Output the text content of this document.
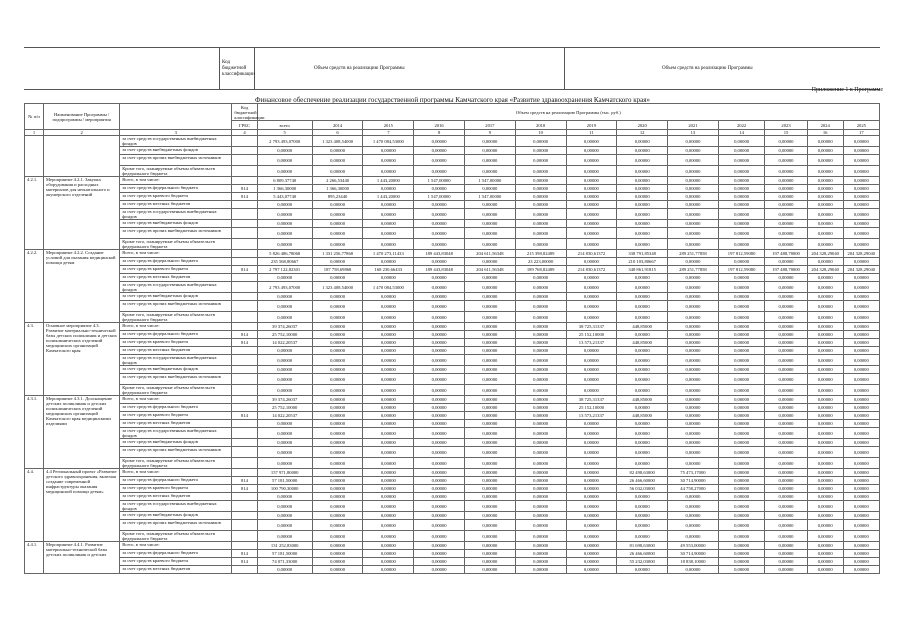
Код бюджетной классификации
Объем средств на реализацию Программы	Объем средств на реализацию Программы
Приложение 1 к Программе
Финансовое обеспечение реализации государственной программы Камчатского края «Развитие здравоохранения Камчатского края»
№ п/п	Наименование Программы / подпрограммы / мероприятия		Код бюджетной классификации	Объем средств на реализацию Программы (тыс. руб.)												
			ГРБС	всего	2014	2015	2016	2017	2018	2019	2020	2021	2022	2023	2024	2025
1	2	3	4	5	6	7	8	9	10	11	12	13	14	15	16	17
		за счет средств государственных внебюджетных фондов		2 793 493,07000	1 323 408,54000	1 470 084,53000	0,00000	0,00000	0,00000	0,00000	0,00000	0,00000	0,00000	0,00000	0,00000	0,00000
		за счет средств внебюджетных фондов		0,00000	0,00000	0,00000	0,00000	0,00000	0,00000	0,00000	0,00000	0,00000	0,00000	0,00000	0,00000	0,00000
		за счет средств прочих внебюджетных источников		0,00000	0,00000	0,00000	0,00000	0,00000	0,00000	0,00000	0,00000	0,00000	0,00000	0,00000	0,00000	0,00000
		Кроме того, планируемые объемы обязательств федерального бюджета		0,00000	0,00000	0,00000	0,00000	0,00000	0,00000	0,00000	0,00000	0,00000	0,00000	0,00000	0,00000	0,00000
4.2.1.	Мероприятие 4.2.1. Закупка оборудования и расходных материалов для неонатального и акушерского отделений	Всего, в том числе:		6 809,37740	2 266,53440	1 443,20000	1 547,00000	1 547,00000	0,00000	0,00000	0,00000	0,00000	0,00000	0,00000	0,00000	0,00000
		за счет средств федерального бюджета	814	1 366,30000	1 366,30000	0,00000	0,00000	0,00000	0,00000	0,00000	0,00000	0,00000	0,00000	0,00000	0,00000	0,00000
		за счет средств краевого бюджета	814	5 443,07740	895,23440	1 443,20000	1 547,00000	1 547,00000	0,00000	0,00000	0,00000	0,00000	0,00000	0,00000	0,00000	0,00000
		за счет средств местных бюджетов		0,00000	0,00000	0,00000	0,00000	0,00000	0,00000	0,00000	0,00000	0,00000	0,00000	0,00000	0,00000	0,00000
		за счет средств государственных внебюджетных фондов		0,00000	0,00000	0,00000	0,00000	0,00000	0,00000	0,00000	0,00000	0,00000	0,00000	0,00000	0,00000	0,00000
		за счет средств внебюджетных фондов		0,00000	0,00000	0,00000	0,00000	0,00000	0,00000	0,00000	0,00000	0,00000	0,00000	0,00000	0,00000	0,00000
		за счет средств прочих внебюджетных источников		0,00000	0,00000	0,00000	0,00000	0,00000	0,00000	0,00000	0,00000	0,00000	0,00000	0,00000	0,00000	0,00000
		Кроме того, планируемые объемы обязательств федерального бюджета		0,00000	0,00000	0,00000	0,00000	0,00000	0,00000	0,00000	0,00000	0,00000	0,00000	0,00000	0,00000	0,00000
4.2.2.	Мероприятие 4.2.2. Создание условий для оказания медицинской помощи детям	Всего, в том числе:		5 826 486,78068	1 331 256,77868	1 470 273,11433	189 443,83048	204 611,56348	215 398,82489	214 830,61372	338 791,85348	289 251,77858	197 812,59080	197 488,78000	204 328,29040	204 328,29040
		за счет средств федерального бюджета		235 568,80667	0,00000	0,00000	0,00000	0,00000	23 223,00000	0,00000	210 103,80667	0,00000	0,00000	0,00000	0,00000	0,00000
		за счет средств краевого бюджета	814	2 797 122,82301	187 758,69868	168 230,66433	189 443,83048	204 611,56348	189 768,82489	214 830,61372	348 861,91815	289 251,77858	197 812,59080	197 488,78000	204 328,29040	204 328,29040
		за счет средств местных бюджетов		0,00000	0,00000	0,00000	0,00000	0,00000	0,00000	0,00000	0,00000	0,00000	0,00000	0,00000	0,00000	0,00000
		за счет средств государственных внебюджетных фондов		2 793 493,07000	1 323 408,54000	1 470 084,53000	0,00000	0,00000	0,00000	0,00000	0,00000	0,00000	0,00000	0,00000	0,00000	0,00000
		за счет средств внебюджетных фондов		0,00000	0,00000	0,00000	0,00000	0,00000	0,00000	0,00000	0,00000	0,00000	0,00000	0,00000	0,00000	0,00000
		за счет средств прочих внебюджетных источников		0,00000	0,00000	0,00000	0,00000	0,00000	0,00000	0,00000	0,00000	0,00000	0,00000	0,00000	0,00000	0,00000
		Кроме того, планируемые объемы обязательств федерального бюджета		0,00000	0,00000	0,00000	0,00000	0,00000	0,00000	0,00000	0,00000	0,00000	0,00000	0,00000	0,00000	0,00000
4.3.	Основное мероприятие 4.3. Развитие материально-технической базы детских поликлиник и детских поликлинических отделений медицинских организаций Камчатского края	Всего, в том числе:		39 374,26037	0,00000	0,00000	0,00000	0,00000	0,00000	38 725,31337	448,85000	0,00000	0,00000	0,00000	0,00000	0,00000
		за счет средств федерального бюджета	814	25 752,10000	0,00000	0,00000	0,00000	0,00000	0,00000	25 152,10000	0,00000	0,00000	0,00000	0,00000	0,00000	0,00000
		за счет средств краевого бюджета	814	14 022,20537	0,00000	0,00000	0,00000	0,00000	0,00000	13 573,21337	448,85000	0,00000	0,00000	0,00000	0,00000	0,00000
		за счет средств местных бюджетов		0,00000	0,00000	0,00000	0,00000	0,00000	0,00000	0,00000	0,00000	0,00000	0,00000	0,00000	0,00000	0,00000
		за счет средств государственных внебюджетных фондов		0,00000	0,00000	0,00000	0,00000	0,00000	0,00000	0,00000	0,00000	0,00000	0,00000	0,00000	0,00000	0,00000
		за счет средств внебюджетных фондов		0,00000	0,00000	0,00000	0,00000	0,00000	0,00000	0,00000	0,00000	0,00000	0,00000	0,00000	0,00000	0,00000
		за счет средств прочих внебюджетных источников		0,00000	0,00000	0,00000	0,00000	0,00000	0,00000	0,00000	0,00000	0,00000	0,00000	0,00000	0,00000	0,00000
		Кроме того, планируемые объемы обязательств федерального бюджета		0,00000	0,00000	0,00000	0,00000	0,00000	0,00000	0,00000	0,00000	0,00000	0,00000	0,00000	0,00000	0,00000
4.3.1.	Мероприятие 4.3.1. Дооснащение детских поликлиник и детских поликлинических отделений медицинских организаций Камчатского края медицинскими изделиями	Всего, в том числе:		39 374,26037	0,00000	0,00000	0,00000	0,00000	0,00000	38 725,31337	448,85000	0,00000	0,00000	0,00000	0,00000	0,00000
		за счет средств федерального бюджета		25 752,10000	0,00000	0,00000	0,00000	0,00000	0,00000	25 152,10000	0,00000	0,00000	0,00000	0,00000	0,00000	0,00000
		за счет средств краевого бюджета	814	14 022,20537	0,00000	0,00000	0,00000	0,00000	0,00000	13 573,21337	448,85000	0,00000	0,00000	0,00000	0,00000	0,00000
		за счет средств местных бюджетов		0,00000	0,00000	0,00000	0,00000	0,00000	0,00000	0,00000	0,00000	0,00000	0,00000	0,00000	0,00000	0,00000
		за счет средств государственных внебюджетных фондов		0,00000	0,00000	0,00000	0,00000	0,00000	0,00000	0,00000	0,00000	0,00000	0,00000	0,00000	0,00000	0,00000
		за счет средств внебюджетных фондов		0,00000	0,00000	0,00000	0,00000	0,00000	0,00000	0,00000	0,00000	0,00000	0,00000	0,00000	0,00000	0,00000
		за счет средств прочих внебюджетных источников		0,00000	0,00000	0,00000	0,00000	0,00000	0,00000	0,00000	0,00000	0,00000	0,00000	0,00000	0,00000	0,00000
		Кроме того, планируемые объемы обязательств федерального бюджета		0,00000	0,00000	0,00000	0,00000	0,00000	0,00000	0,00000	0,00000	0,00000	0,00000	0,00000	0,00000	0,00000
4.4.	4.4 Региональный проект «Развитие детского здравоохранения, включая создание современной инфраструктуры оказания медицинской помощи детям»	Всего, в том числе:		157 971,80000	0,00000	0,00000	0,00000	0,00000	0,00000	0,00000	82 498,63000	75 473,17000	0,00000	0,00000	0,00000	0,00000
		за счет средств федерального бюджета	814	57 181,50000	0,00000	0,00000	0,00000	0,00000	0,00000	0,00000	26 466,60000	30 714,90000	0,00000	0,00000	0,00000	0,00000
		за счет средств краевого бюджета	814	100 790,30000	0,00000	0,00000	0,00000	0,00000	0,00000	0,00000	56 032,03000	44 758,27000	0,00000	0,00000	0,00000	0,00000
		за счет средств местных бюджетов		0,00000	0,00000	0,00000	0,00000	0,00000	0,00000	0,00000	0,00000	0,00000	0,00000	0,00000	0,00000	0,00000
		за счет средств государственных внебюджетных фондов		0,00000	0,00000	0,00000	0,00000	0,00000	0,00000	0,00000	0,00000	0,00000	0,00000	0,00000	0,00000	0,00000
		за счет средств внебюджетных фондов		0,00000	0,00000	0,00000	0,00000	0,00000	0,00000	0,00000	0,00000	0,00000	0,00000	0,00000	0,00000	0,00000
		за счет средств прочих внебюджетных источников		0,00000	0,00000	0,00000	0,00000	0,00000	0,00000	0,00000	0,00000	0,00000	0,00000	0,00000	0,00000	0,00000
		Кроме того, планируемые объемы обязательств федерального бюджета		0,00000	0,00000	0,00000	0,00000	0,00000	0,00000	0,00000	0,00000	0,00000	0,00000	0,00000	0,00000	0,00000
4.4.1.	Мероприятие 4.4.1. Развитие материально-технической базы детских поликлиник и детских	Всего, в том числе:		131 252,83000	0,00000	0,00000	0,00000	0,00000	0,00000	0,00000	81 698,63000	49 553,00000	0,00000	0,00000	0,00000	0,00000
		за счет средств федерального бюджета	814	57 181,50000	0,00000	0,00000	0,00000	0,00000	0,00000	0,00000	26 466,60000	30 714,90000	0,00000	0,00000	0,00000	0,00000
		за счет средств краевого бюджета	814	74 071,33000	0,00000	0,00000	0,00000	0,00000	0,00000	0,00000	55 232,03000	18 838,10000	0,00000	0,00000	0,00000	0,00000
		за счет средств местных бюджетов		0,00000	0,00000	0,00000	0,00000	0,00000	0,00000	0,00000	0,00000	0,00000	0,00000	0,00000	0,00000	0,00000
